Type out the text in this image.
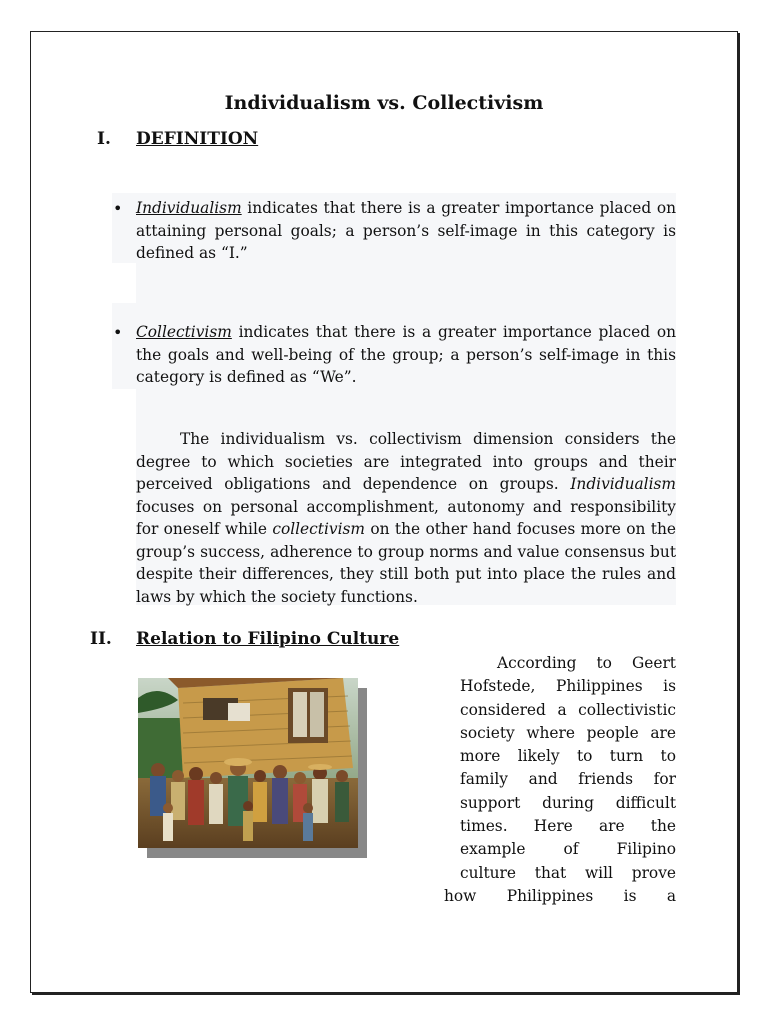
Individualism vs. Collectivism
I. DEFINITION
• Individualism indicates that there is a greater importance placed on attaining personal goals; a person’s self-image in this category is defined as “I.”
• Collectivism indicates that there is a greater importance placed on the goals and well-being of the group; a person’s self-image in this category is defined as “We”.
The individualism vs. collectivism dimension considers the degree to which societies are integrated into groups and their perceived obligations and dependence on groups. Individualism focuses on personal accomplishment, autonomy and responsibility for oneself while collectivism on the other hand focuses more on the group’s success, adherence to group norms and value consensus but despite their differences, they still both put into place the rules and laws by which the society functions.
II. Relation to Filipino Culture
According to Geert
Hofstede, Philippines is
considered a collectivistic
society where people are
more likely to turn to
family and friends for
support during difficult
times. Here are the
example of Filipino
culture that will prove
how Philippines is a
